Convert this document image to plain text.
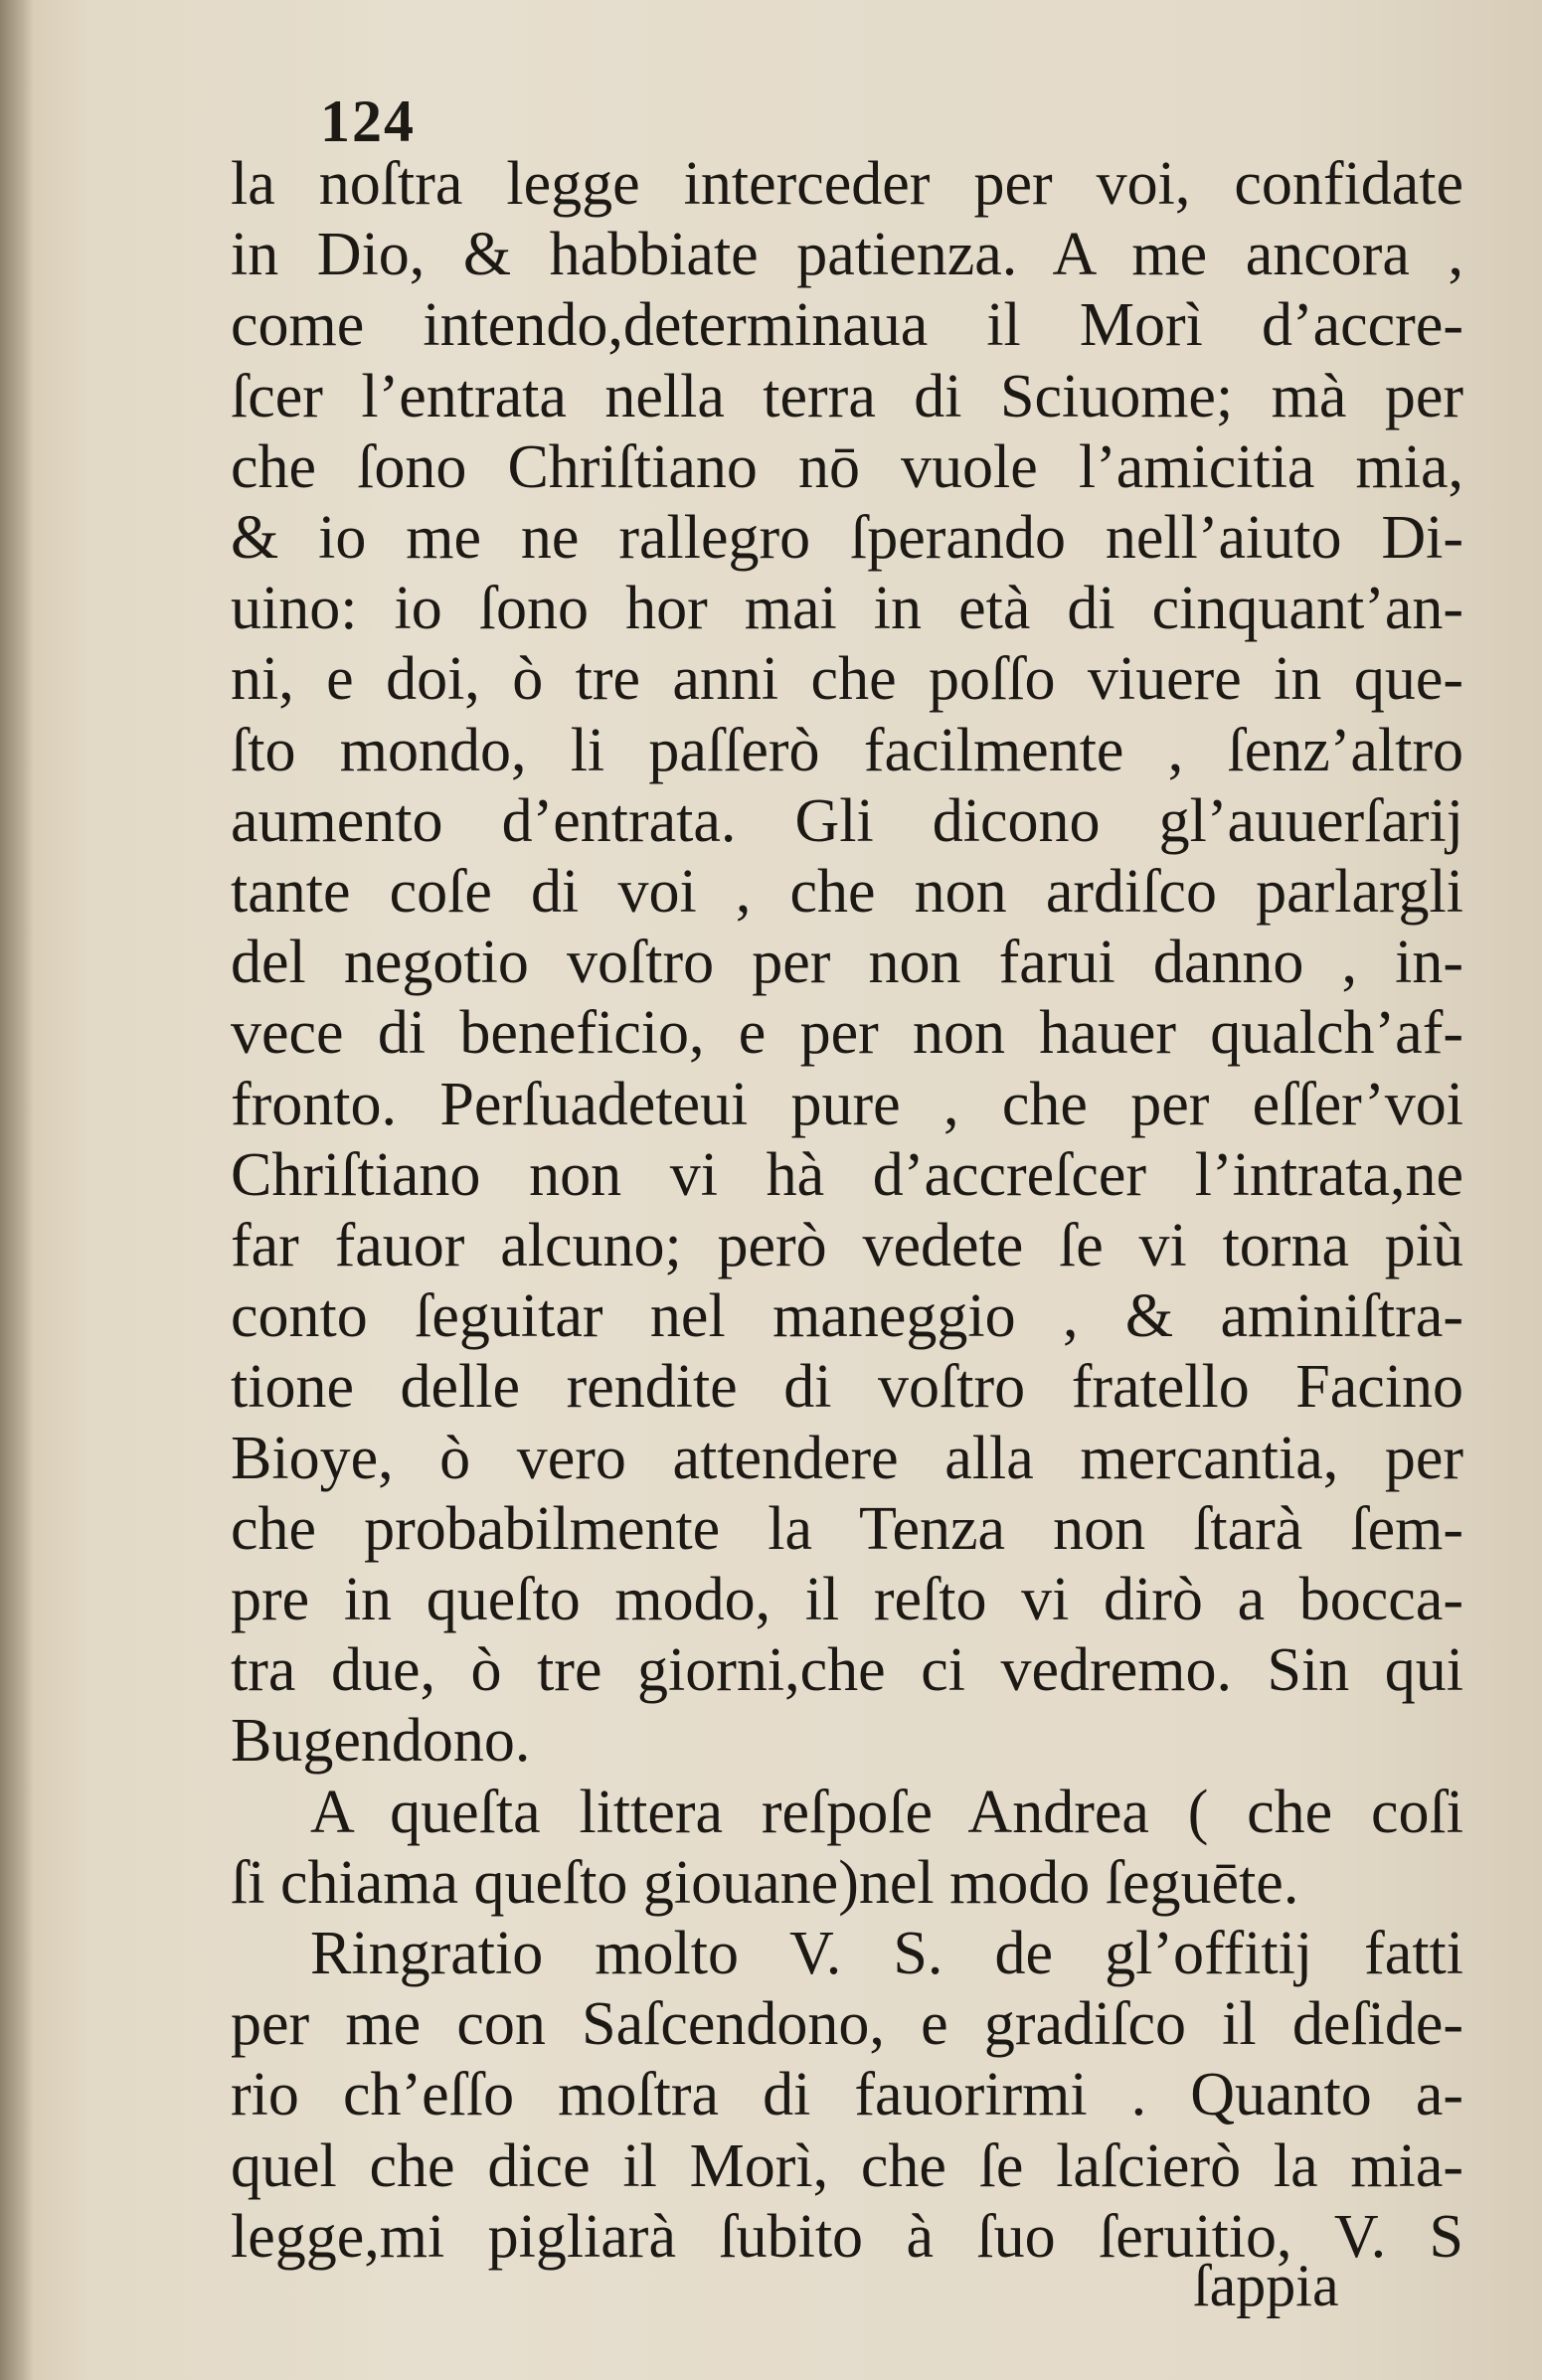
124
la noſtra legge interceder per voi, confidate
in Dio, & habbiate patienza. A me ancora ,
come intendo,determinaua il Morì d’accre-
ſcer l’entrata nella terra di Sciuome; mà per
che ſono Chriſtiano nō vuole l’amicitia mia,
& io me ne rallegro ſperando nell’aiuto Di-
uino: io ſono hor mai in età di cinquant’an-
ni, e doi, ò tre anni che poſſo viuere in que-
ſto mondo, li paſſerò facilmente , ſenz’altro
aumento d’entrata. Gli dicono gl’auuerſarij
tante coſe di voi , che non ardiſco parlargli
del negotio voſtro per non farui danno , in-
vece di beneficio, e per non hauer qualch’af-
fronto. Perſuadeteui pure , che per eſſer’voi
Chriſtiano non vi hà d’accreſcer l’intrata,ne
far fauor alcuno; però vedete ſe vi torna più
conto ſeguitar nel maneggio , & aminiſtra-
tione delle rendite di voſtro fratello Facino
Bioye, ò vero attendere alla mercantia, per
che probabilmente la Tenza non ſtarà ſem-
pre in queſto modo, il reſto vi dirò a bocca-
tra due, ò tre giorni,che ci vedremo. Sin qui
Bugendono.
A queſta littera reſpoſe Andrea ( che coſi
ſi chiama queſto giouane)nel modo ſeguēte.
Ringratio molto V. S. de gl’offitij fatti
per me con Saſcendono, e gradiſco il deſide-
rio ch’eſſo moſtra di fauorirmi . Quanto a-
quel che dice il Morì, che ſe laſcierò la mia-
legge,mi pigliarà ſubito à ſuo ſeruitio, V. S
ſappia
